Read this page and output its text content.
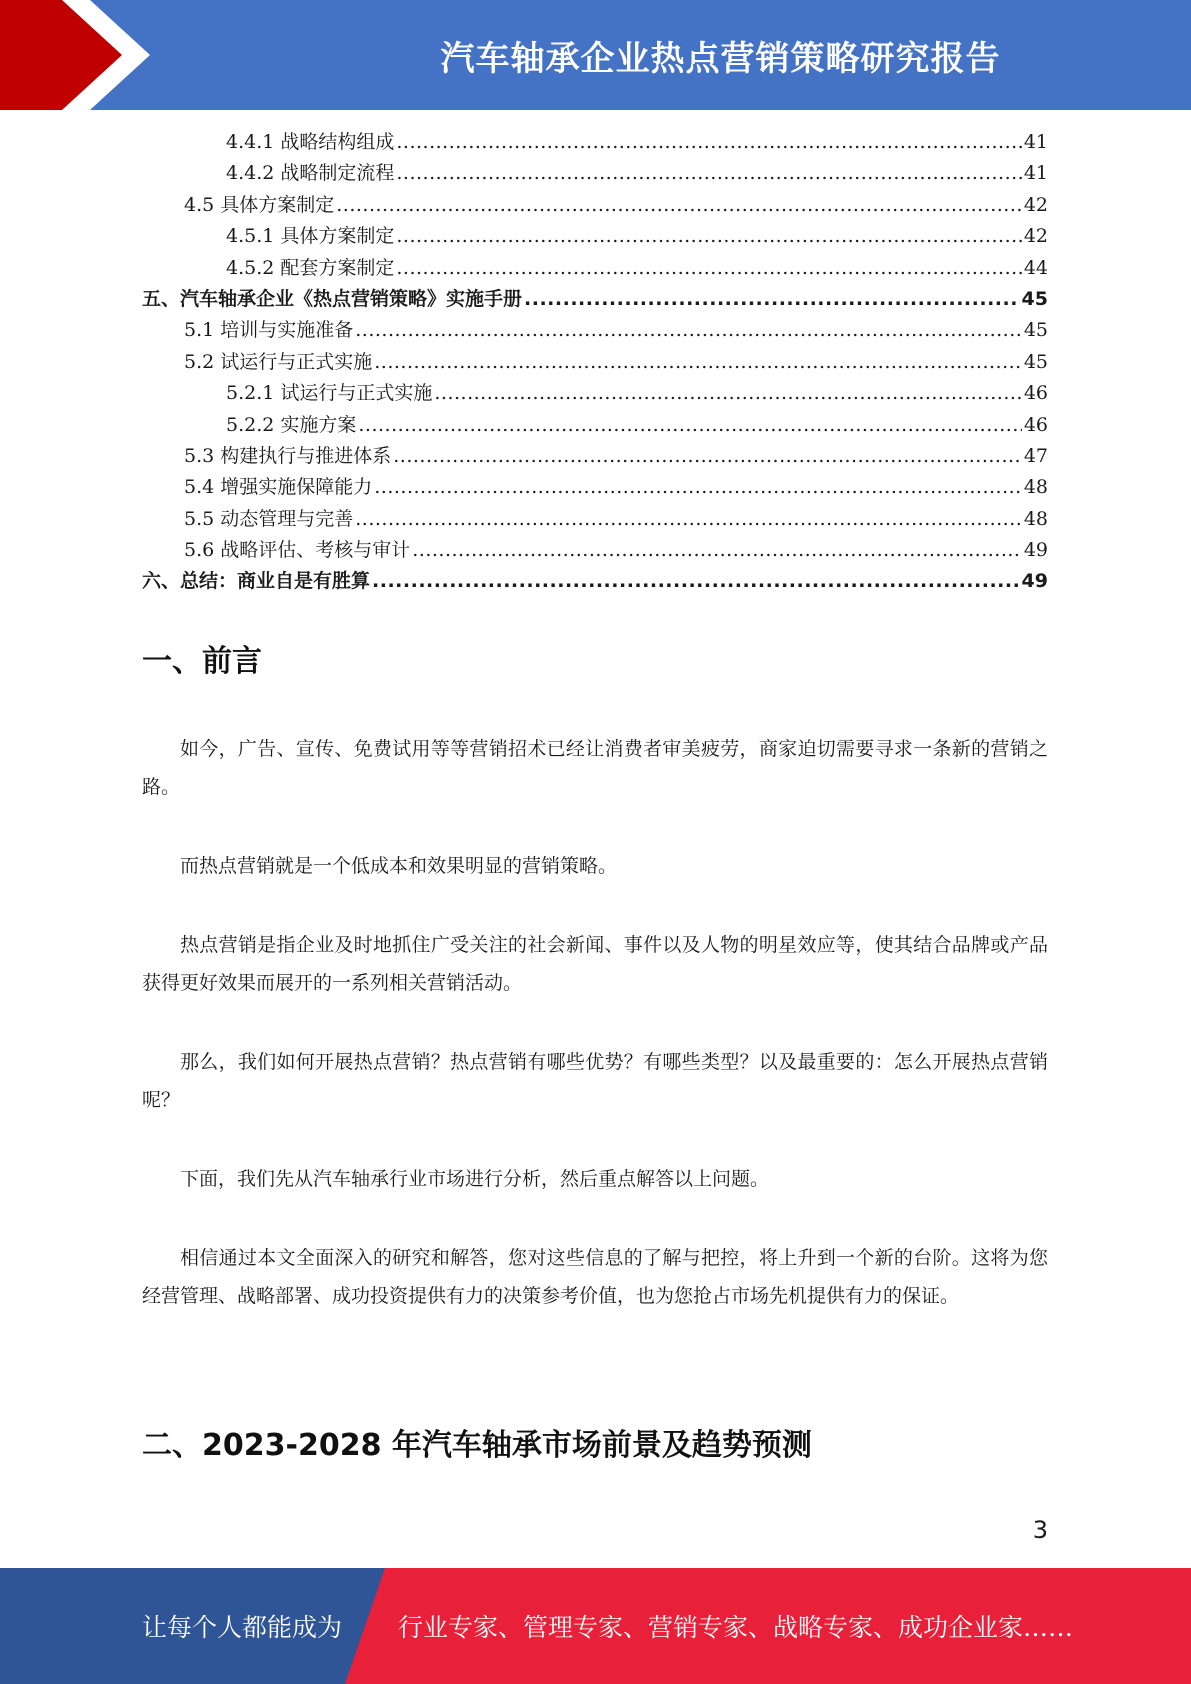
汽车轴承企业热点营销策略研究报告
4.4.1 战略结构组成 .....	41
4.4.2 战略制定流程 .....	41
4.5 具体方案制定 .....	42
4.5.1 具体方案制定 .....	42
4.5.2 配套方案制定 .....	44
五、汽车轴承企业《热点营销策略》实施手册 .....	45
5.1 培训与实施准备 .....	45
5.2 试运行与正式实施 .....	45
5.2.1 试运行与正式实施 .....	46
5.2.2 实施方案 .....	46
5.3 构建执行与推进体系 .....	47
5.4 增强实施保障能力 .....	48
5.5 动态管理与完善 .....	48
5.6 战略评估、考核与审计 .....	49
六、总结：商业自是有胜算 .....	49
一、前言

如今，广告、宣传、免费试用等等营销招术已经让消费者审美疲劳，商家迫切需要寻求一条新的营销之路。

而热点营销就是一个低成本和效果明显的营销策略。

热点营销是指企业及时地抓住广受关注的社会新闻、事件以及人物的明星效应等，使其结合品牌或产品获得更好效果而展开的一系列相关营销活动。

那么，我们如何开展热点营销？热点营销有哪些优势？有哪些类型？以及最重要的：怎么开展热点营销呢？

下面，我们先从汽车轴承行业市场进行分析，然后重点解答以上问题。

相信通过本文全面深入的研究和解答，您对这些信息的了解与把控，将上升到一个新的台阶。这将为您经营管理、战略部署、成功投资提供有力的决策参考价值，也为您抢占市场先机提供有力的保证。

二、2023-2028 年汽车轴承市场前景及趋势预测
3
让每个人都能成为 行业专家、管理专家、营销专家、战略专家、成功企业家……
